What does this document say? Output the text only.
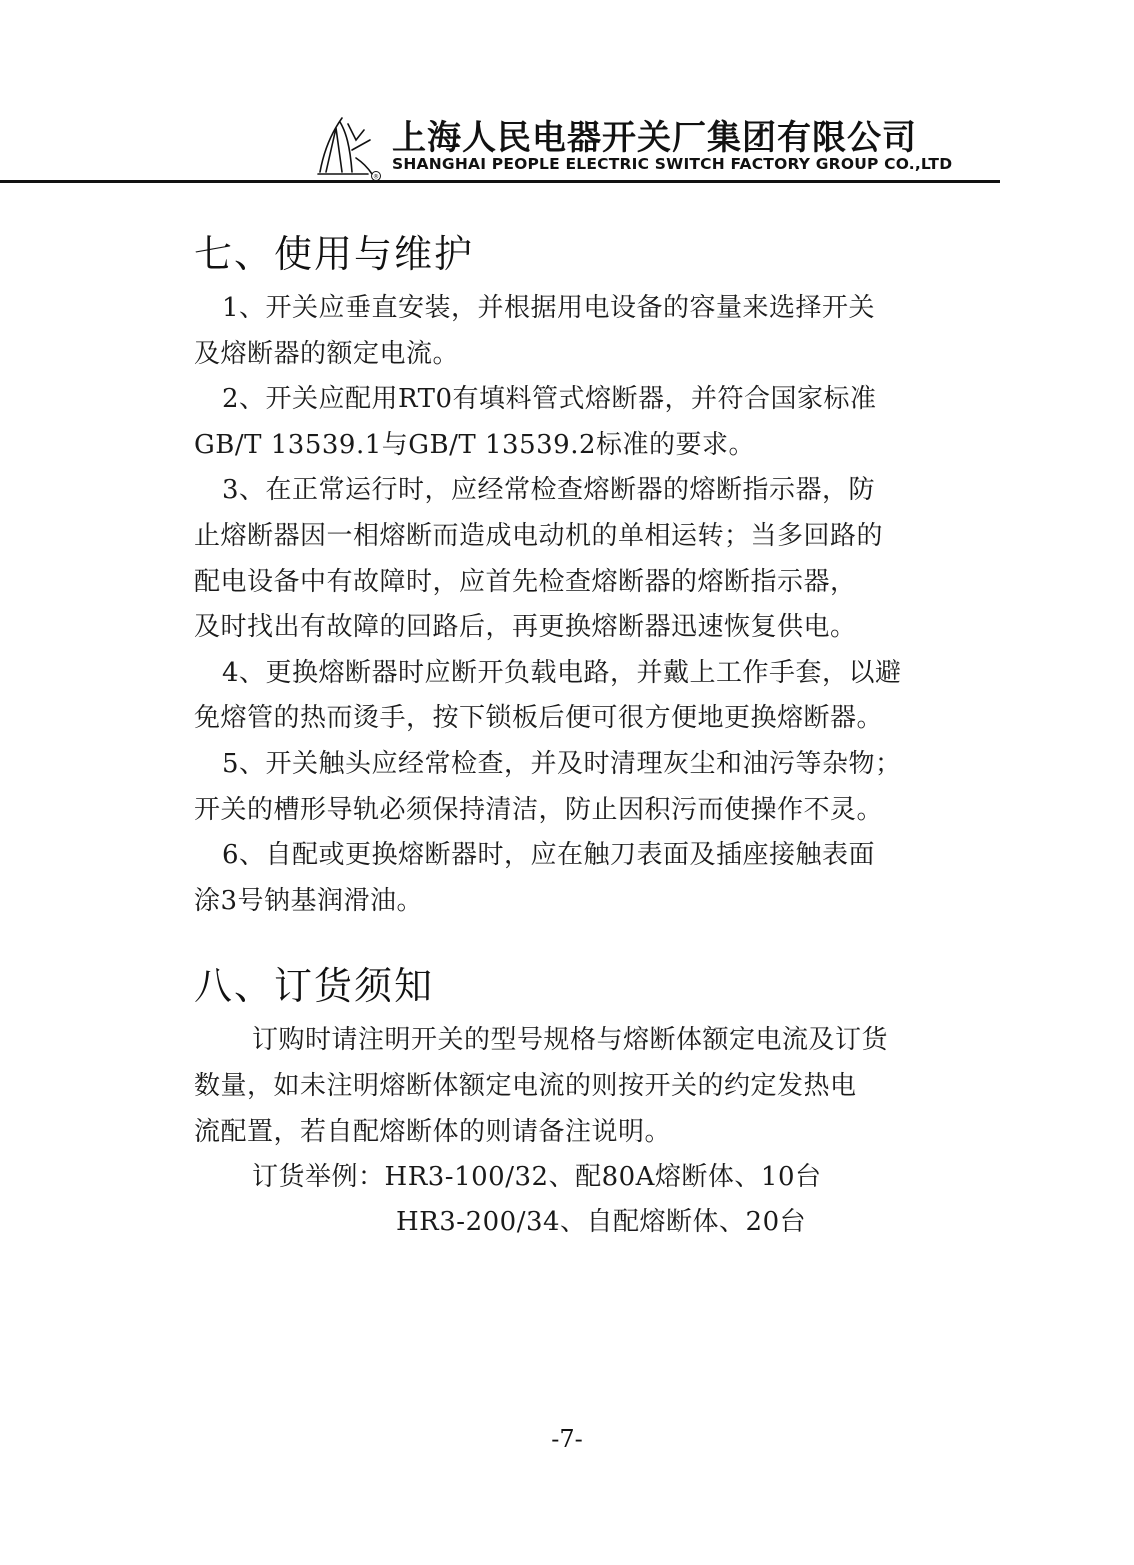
®
上海人民电器开关厂集团有限公司
SHANGHAI PEOPLE ELECTRIC SWITCH FACTORY GROUP CO.,LTD
七、使用与维护

1、开关应垂直安装，并根据用电设备的容量来选择开关
及熔断器的额定电流。

2、开关应配用RT0有填料管式熔断器，并符合国家标准
GB/T 13539.1与GB/T 13539.2标准的要求。

3、在正常运行时，应经常检查熔断器的熔断指示器，防
止熔断器因一相熔断而造成电动机的单相运转；当多回路的
配电设备中有故障时，应首先检查熔断器的熔断指示器，
及时找出有故障的回路后，再更换熔断器迅速恢复供电。

4、更换熔断器时应断开负载电路，并戴上工作手套，以避
免熔管的热而烫手，按下锁板后便可很方便地更换熔断器。

5、开关触头应经常检查，并及时清理灰尘和油污等杂物；
开关的槽形导轨必须保持清洁，防止因积污而使操作不灵。

6、自配或更换熔断器时，应在触刀表面及插座接触表面
涂3号钠基润滑油。

八、订货须知

订购时请注明开关的型号规格与熔断体额定电流及订货
数量，如未注明熔断体额定电流的则按开关的约定发热电
流配置，若自配熔断体的则请备注说明。

订货举例：HR3-100/32、配80A熔断体、10台
HR3-200/34、自配熔断体、20台
-7-
